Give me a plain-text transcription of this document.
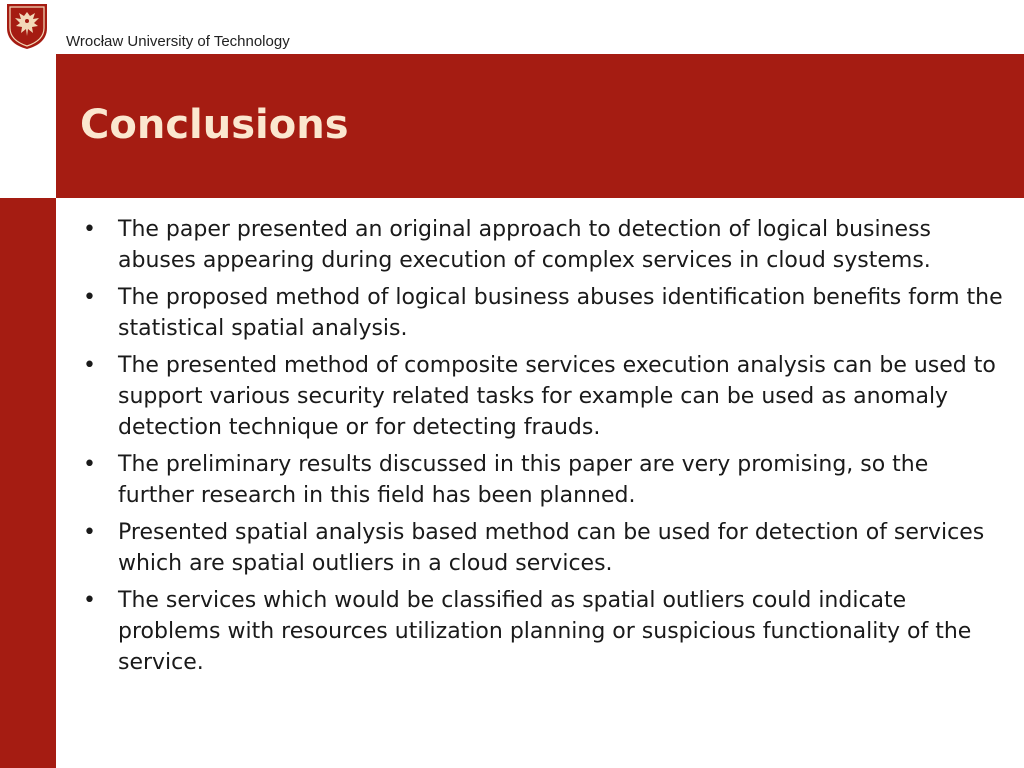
Wrocław University of Technology
Conclusions
• The paper presented an original approach to detection of logical business abuses appearing during execution of complex services in cloud systems.
• The proposed method of logical business abuses identification benefits form the statistical spatial analysis.
• The presented method of composite services execution analysis can be used to support various security related tasks for example can be used as anomaly detection technique or for detecting frauds.
• The preliminary results discussed in this paper are very promising, so the further research in this field has been planned.
• Presented spatial analysis based method can be used for detection of services which are spatial outliers in a cloud services.
• The services which would be classified as spatial outliers could indicate problems with resources utilization planning or suspicious functionality of the service.
